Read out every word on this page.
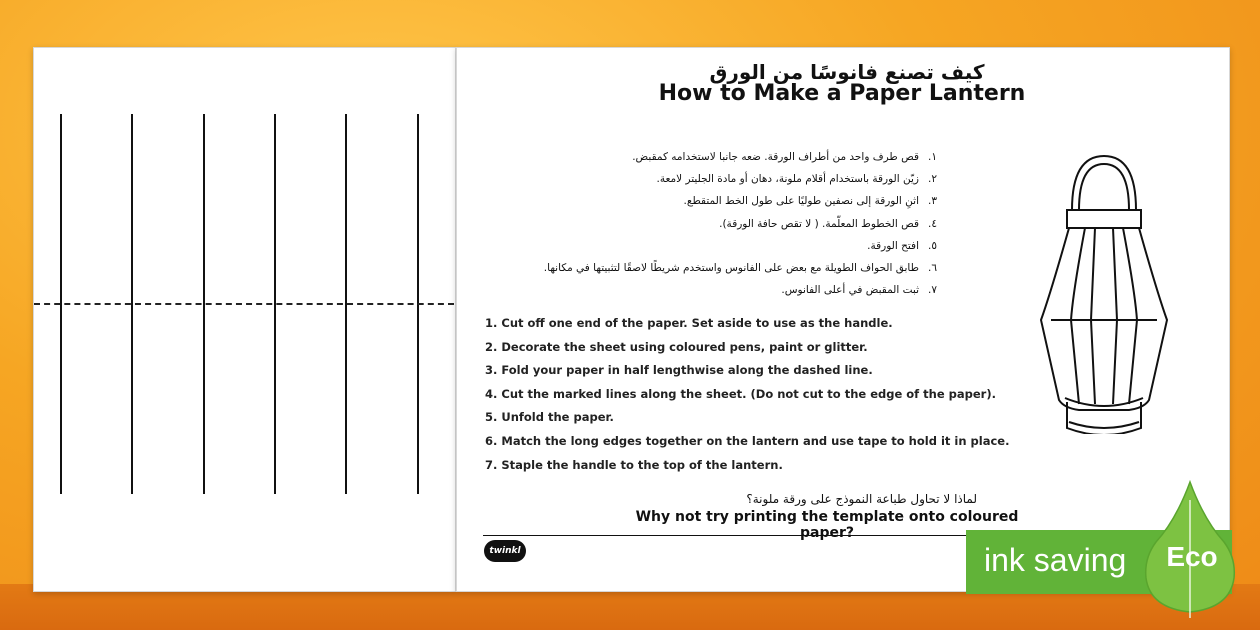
كيف تصنع فانوسًا من الورق
How to Make a Paper Lantern
١.قص طرف واحد من أطراف الورقة. ضعه جانبا لاستخدامه كمقبض.
٢.زيّن الورقة باستخدام أقلام ملونة، دهان أو مادة الجليتر لامعة.
٣.اثنِ الورقة إلى نصفين طوليًا على طول الخط المتقطع.
٤.قص الخطوط المعلّمة. ( لا تقص حافة الورقة).
٥.افتح الورقة.
٦.طابق الحواف الطويلة مع بعض على الفانوس واستخدم شريطًا لاصقًا لتثبيتها في مكانها.
٧.ثبت المقبض في أعلى الفانوس.
1. Cut off one end of the paper. Set aside to use as the handle.
2. Decorate the sheet using coloured pens, paint or glitter.
3. Fold your paper in half lengthwise along the dashed line.
4. Cut the marked lines along the sheet. (Do not cut to the edge of the paper).
5. Unfold the paper.
6. Match the long edges together on the lantern and use tape to hold it in place.
7. Staple the handle to the top of the lantern.
لماذا لا تحاول طباعة النموذج على ورقة ملونة؟
Why not try printing the template onto coloured paper?
twinkl	ink saving Eco
